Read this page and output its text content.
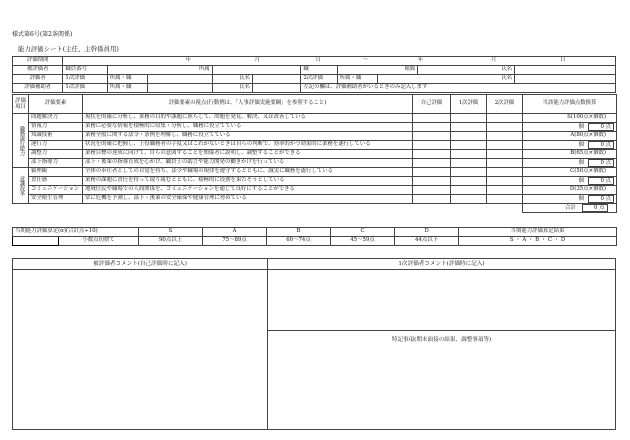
様式第6号(第2条関係)
能力評価シート(主任、主幹係員用)
評価期間	年 月 日 〜 年 月 日									
被評価者	職員番号	所属				職	階級		氏名	
評価者	1次評価	所属・職		氏名		2次評価	所属・職	氏名		
評価補助者	1次評価	所属・職		氏名		左記の欄は、評価補助者がいるときのみ記入します				
評価項目	評価要素	評価要素の視点(行動例は、「人事評価実施要綱」を参照すること)	自己評価	1次評価	2次評価	当該能力評価点数換算
職務遂行能力	問題解決力	現状を的確に分析し、業務の目的や課題に照らして、問題を発見、解決、又は改善している				S(100点×個数)
	情報力	業務に必要な情報を積極的に収集・分析し、職務に役立てている				個 0 点
	知識技術	業務全般に関する法令・条例を理解し、職務に役立てている				A(80点×個数)
	運行力	状況を的確に把握し、上役職務者の手度又はこれがないときは自らの判断で、効率的かつ効果的に業務を遂行している				個 0 点
	調整力	業務目標の達成に向けて、自らの意図することを関係者に説明し、調整することができる				B(65点×個数)
	部下指導力	部下・後輩の指導育成を心がけ、職員士の助言や能力開発の働きかけを行っている				個 0 点
意識改革	倫理観	全体の奉仕者としての自覚を持ち、法令や職場の規律を遵守するとともに、誠実に職務を遂行している				C(50点×個数)
	責任感	業務の課題に責任を持って取り組むとともに、積極的に役割を果たそうとしている				個 0 点
	コミュニケーション	地域住民や職場での人間関係を、コミュニケーションを通じて良好にすることができる				D(35点×個数)
	安全衛生管理	常に危機を予測し、部下・後輩の安全確保や健康管理に努めている				個 0 点
						合計 0 点
当期能力評価算定(α)(合計点÷10)		S	A	B	C	D	当期能力評価算定結果
	小数点切捨て	90点以上	75〜89点	60〜74点	45〜59点	44点以下	S ・ A ・ B ・ C ・ D
被評価者コメント(自己評価時に記入)	1次評価者コメント(評価時に記入)
特記事項(期末面接の結果、調整事項等)
